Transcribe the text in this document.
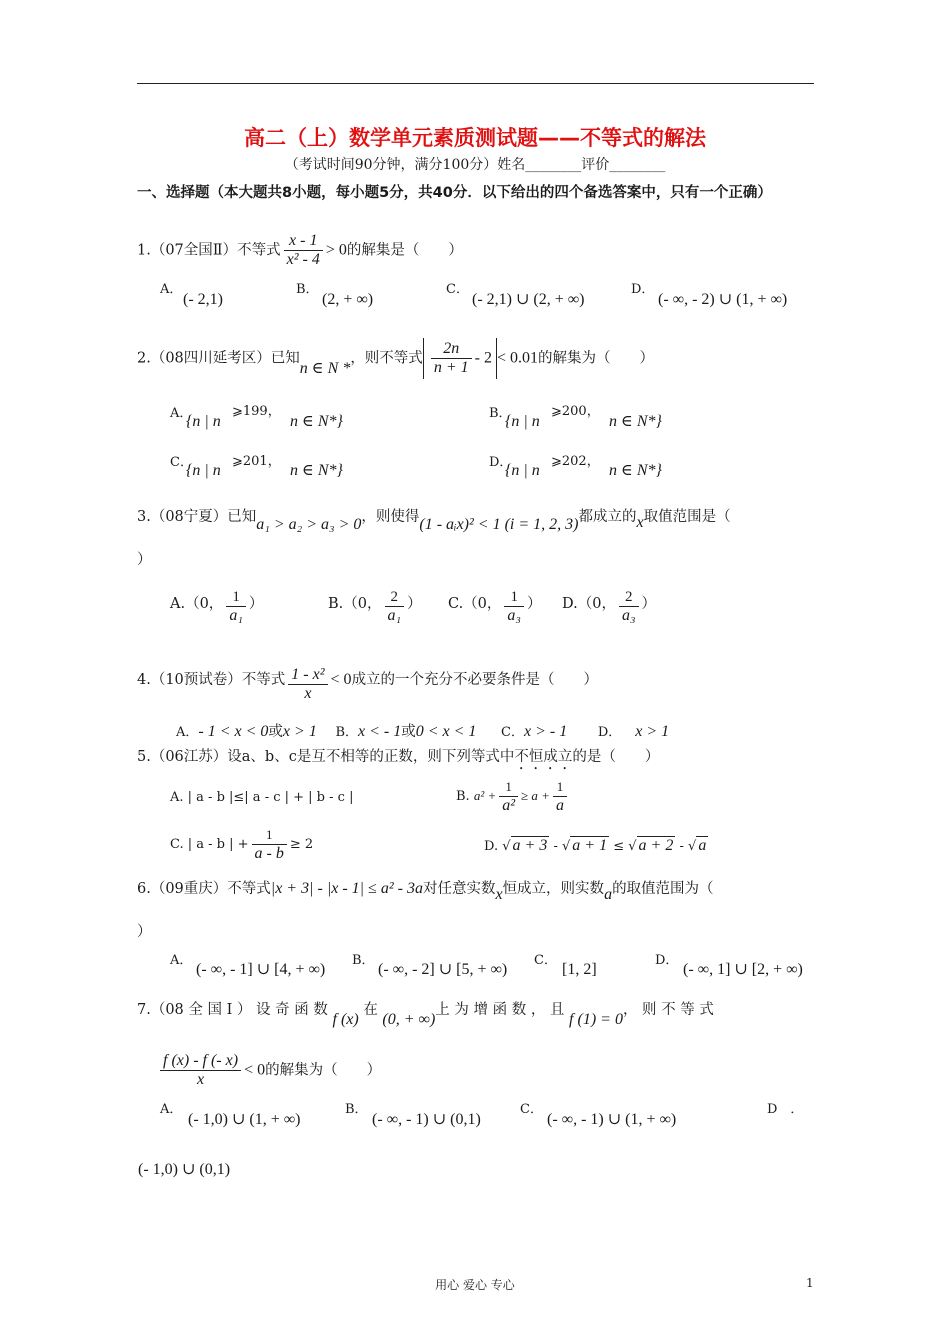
高二（上）数学单元素质测试题——不等式的解法
（考试时间90分钟，满分100分）姓名________评价________
一、选择题（本大题共8小题，每小题5分，共40分．以下给出的四个备选答案中，只有一个正确）
1.（07全国Ⅱ）不等式 $\frac{x - 1}{\text{x² - 4}} > 0$的解集是（　　）
A．
(- 2,1)
B．
(2, + ∞)
C．
(- 2,1) ∪ (2, + ∞)
D．
(- ∞, - 2) ∪ (1, + ∞)
2.（08四川延考区）已知n ∈ N *，则不等式 $\frac{2n}{n + 1} - 2 < 0.01$的解集为（　　）
A．
{n | n
⩾199，
n ∈ N*}	B．
{n | n
⩾200，
n ∈ N*}
C．
{n | n
⩾201，
n ∈ N*}	D．
{n | n
⩾202，
n ∈ N*}
3.（08宁夏）已知a₁ > a₂ > a₃ > 0，则使得(1 - aᵢx)² < 1 (i = 1, 2, 3)都成立的x取值范围是（
）
A.（0， $\frac{1}{\text{a₁}}$ ）	B.（0， $\frac{2}{\text{a₁}}$ ） C.（0， $\frac{1}{\text{a₃}}$ ） D.（0， $\frac{2}{\text{a₃}}$ ）
4.（10预试卷）不等式 $\frac{\text{1 - x²}}{x} < 0$成立的一个充分不必要条件是（　　）
A．- 1 < x < 0或x > 1 B．x < - 1或0 < x < 1 C．x > - 1 D． x > 1
5.（06江苏）设a、b、c是互不相等的正数，则下列等式中不恒成立的是（　　）
A. | a - b |≤| a - c | + | b - c |	B. a² +
1
a²
≥ a +
1
a
C. | a - b | +
1
a - b
≥ 2	D. √ a + 3 - √ a + 1 ≤ √ a + 2 - √ a
6.（09重庆）不等式|x + 3| - |x - 1| ≤ a² - 3a对任意实数x恒成立，则实数a的取值范围为（
）
A．
(- ∞, - 1] ∪ [4, + ∞)
B．
(- ∞, - 2] ∪ [5, + ∞)
C．
[1, 2]
D．
(- ∞, 1] ∪ [2, + ∞)
7.（08 全 国 Ⅰ ） 设 奇 函 数 f (x) 在 (0, + ∞)上 为 增 函 数 ， 且 f (1) = 0， 则 不 等 式
$\frac{f (x) - f (- x)}{x} < 0$的解集为（　　）
A．
(- 1,0) ∪ (1, + ∞)
B．
(- ∞, - 1) ∪ (0,1)
C．
(- ∞, - 1) ∪ (1, + ∞)
D　．
(- 1,0) ∪ (0,1)
用心 爱心 专心	1
